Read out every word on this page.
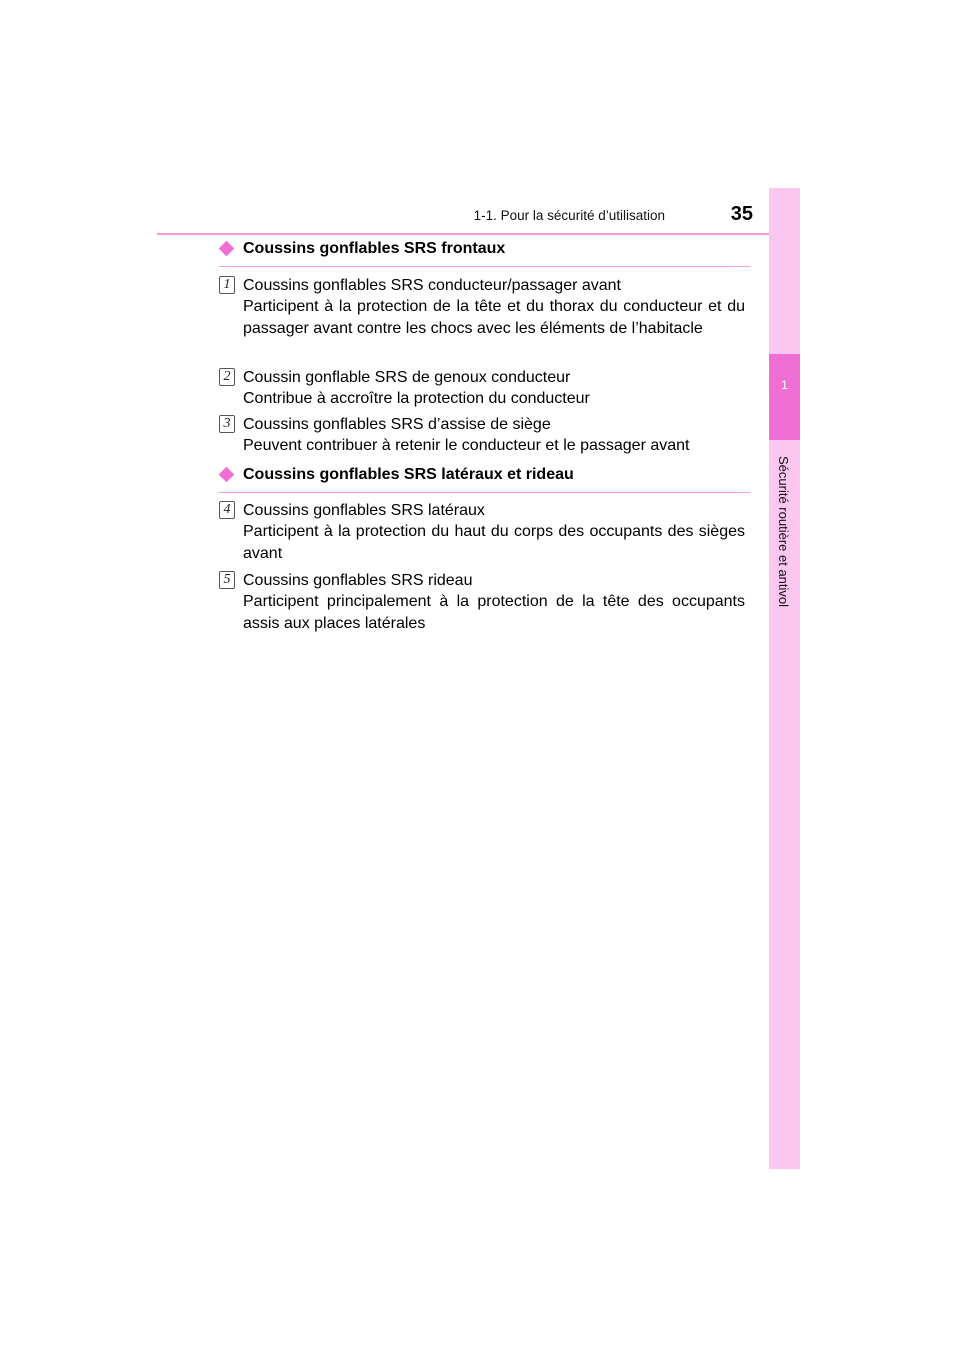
1-1. Pour la sécurité d’utilisation	35
1
Sécurité routière et antivol
Coussins gonflables SRS frontaux
1 Coussins gonflables SRS conducteur/passager avant
Participent à la protection de la tête et du thorax du conducteur et du passager avant contre les chocs avec les éléments de l’habitacle
2 Coussin gonflable SRS de genoux conducteur
Contribue à accroître la protection du conducteur
3 Coussins gonflables SRS d’assise de siège
Peuvent contribuer à retenir le conducteur et le passager avant
Coussins gonflables SRS latéraux et rideau
4 Coussins gonflables SRS latéraux
Participent à la protection du haut du corps des occupants des sièges avant
5 Coussins gonflables SRS rideau
Participent principalement à la protection de la tête des occupants assis aux places latérales
